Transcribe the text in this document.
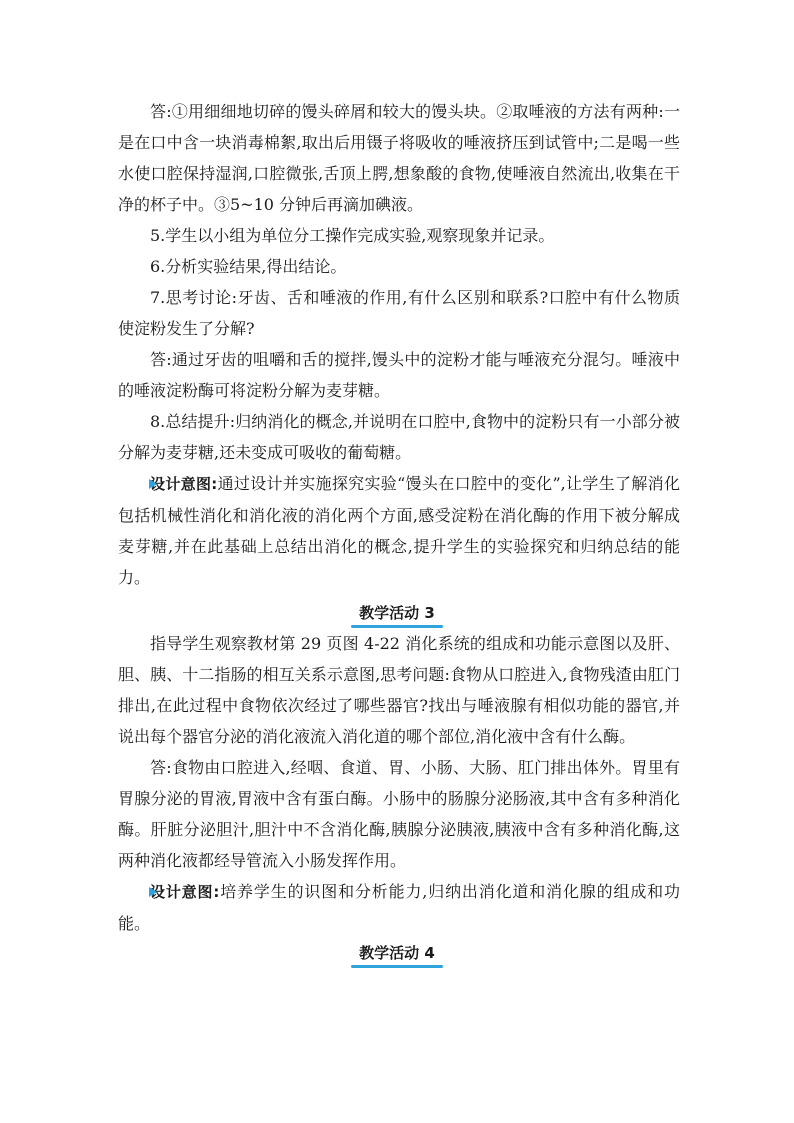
答:①用细细地切碎的馒头碎屑和较大的馒头块。②取唾液的方法有两种:一是在口中含一块消毒棉絮,取出后用镊子将吸收的唾液挤压到试管中;二是喝一些水使口腔保持湿润,口腔微张,舌顶上腭,想象酸的食物,使唾液自然流出,收集在干净的杯子中。③5~10 分钟后再滴加碘液。

5.学生以小组为单位分工操作完成实验,观察现象并记录。

6.分析实验结果,得出结论。

7.思考讨论:牙齿、舌和唾液的作用,有什么区别和联系?口腔中有什么物质使淀粉发生了分解?

答:通过牙齿的咀嚼和舌的搅拌,馒头中的淀粉才能与唾液充分混匀。唾液中的唾液淀粉酶可将淀粉分解为麦芽糖。

8.总结提升:归纳消化的概念,并说明在口腔中,食物中的淀粉只有一小部分被分解为麦芽糖,还未变成可吸收的葡萄糖。

设计意图:通过设计并实施探究实验“馒头在口腔中的变化”,让学生了解消化包括机械性消化和消化液的消化两个方面,感受淀粉在消化酶的作用下被分解成麦芽糖,并在此基础上总结出消化的概念,提升学生的实验探究和归纳总结的能力。

教学活动 3

指导学生观察教材第 29 页图 4-22 消化系统的组成和功能示意图以及肝、胆、胰、十二指肠的相互关系示意图,思考问题:食物从口腔进入,食物残渣由肛门排出,在此过程中食物依次经过了哪些器官?找出与唾液腺有相似功能的器官,并说出每个器官分泌的消化液流入消化道的哪个部位,消化液中含有什么酶。

答:食物由口腔进入,经咽、食道、胃、小肠、大肠、肛门排出体外。胃里有胃腺分泌的胃液,胃液中含有蛋白酶。小肠中的肠腺分泌肠液,其中含有多种消化酶。肝脏分泌胆汁,胆汁中不含消化酶,胰腺分泌胰液,胰液中含有多种消化酶,这两种消化液都经导管流入小肠发挥作用。

设计意图:培养学生的识图和分析能力,归纳出消化道和消化腺的组成和功能。

教学活动 4
